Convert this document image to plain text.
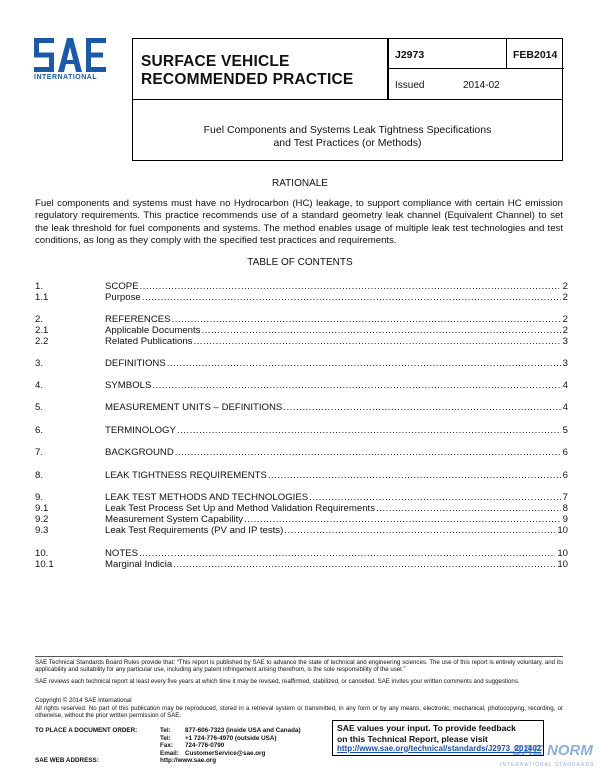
INTERNATIONAL
SURFACE VEHICLE
RECOMMENDED PRACTICE
J2973	FEB2014
Issued	2014-02
Fuel Components and Systems Leak Tightness Specifications
and Test Practices (or Methods)
RATIONALE
Fuel components and systems must have no Hydrocarbon (HC) leakage, to support compliance with certain HC emission regulatory requirements. This practice recommends use of a standard geometry leak channel (Equivalent Channel) to set the leak threshold for fuel components and systems. The method enables usage of multiple leak test technologies and test conditions, as long as they comply with the specified test practices and requirements.
TABLE OF CONTENTS
1.	SCOPE .....	2
1.1	Purpose .....	2
2.	REFERENCES .....	2
2.1	Applicable Documents .....	2
2.2	Related Publications .....	3
3.	DEFINITIONS .....	3
4.	SYMBOLS .....	4
5.	MEASUREMENT UNITS – DEFINITIONS .....	4
6.	TERMINOLOGY .....	5
7.	BACKGROUND .....	6
8.	LEAK TIGHTNESS REQUIREMENTS .....	6
9.	LEAK TEST METHODS AND TECHNOLOGIES .....	7
9.1	Leak Test Process Set Up and Method Validation Requirements .....	8
9.2	Measurement System Capability .....	9
9.3	Leak Test Requirements (PV and IP tests) .....	10
10.	NOTES .....	10
10.1	Marginal Indicia .....	10
SAE Technical Standards Board Rules provide that: “This report is published by SAE to advance the state of technical and engineering sciences. The use of this report is entirely voluntary, and its applicability and suitability for any particular use, including any patent infringement arising therefrom, is the sole responsibility of the user.”
SAE reviews each technical report at least every five years at which time it may be revised, reaffirmed, stabilized, or cancelled. SAE invites your written comments and suggestions.
Copyright © 2014 SAE International
All rights reserved. No part of this publication may be reproduced, stored in a retrieval system or transmitted, in any form or by any means, electronic, mechanical, photocopying, recording, or otherwise, without the prior written permission of SAE.
TO PLACE A DOCUMENT ORDER:	Tel: 877-606-7323 (inside USA and Canada)
Tel: +1 724-776-4970 (outside USA)
Fax: 724-776-0790
Email: CustomerService@sae.org
SAE WEB ADDRESS:	http://www.sae.org
SAE values your input. To provide feedback
on this Technical Report, please visit
http://www.sae.org/technical/standards/J2973_201402
SAE NORM
INTERNATIONAL STANDARDS
